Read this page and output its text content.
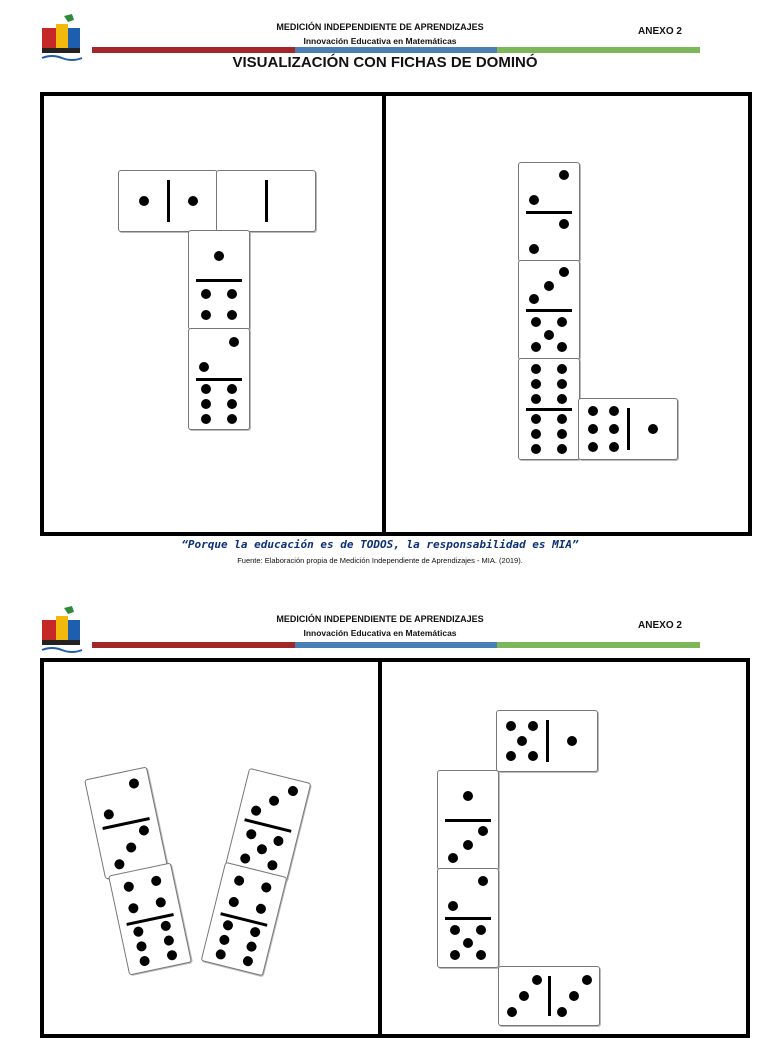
MEDICIÓN INDEPENDIENTE DE APRENDIZAJES
Innovación Educativa en Matemáticas
ANEXO 2
VISUALIZACIÓN CON FICHAS DE DOMINÓ
“Porque la educación es de TODOS, la responsabilidad es MIA”
Fuente: Elaboración propia de Medición Independiente de Aprendizajes - MIA. (2019).
MEDICIÓN INDEPENDIENTE DE APRENDIZAJES
Innovación Educativa en Matemáticas
ANEXO 2
